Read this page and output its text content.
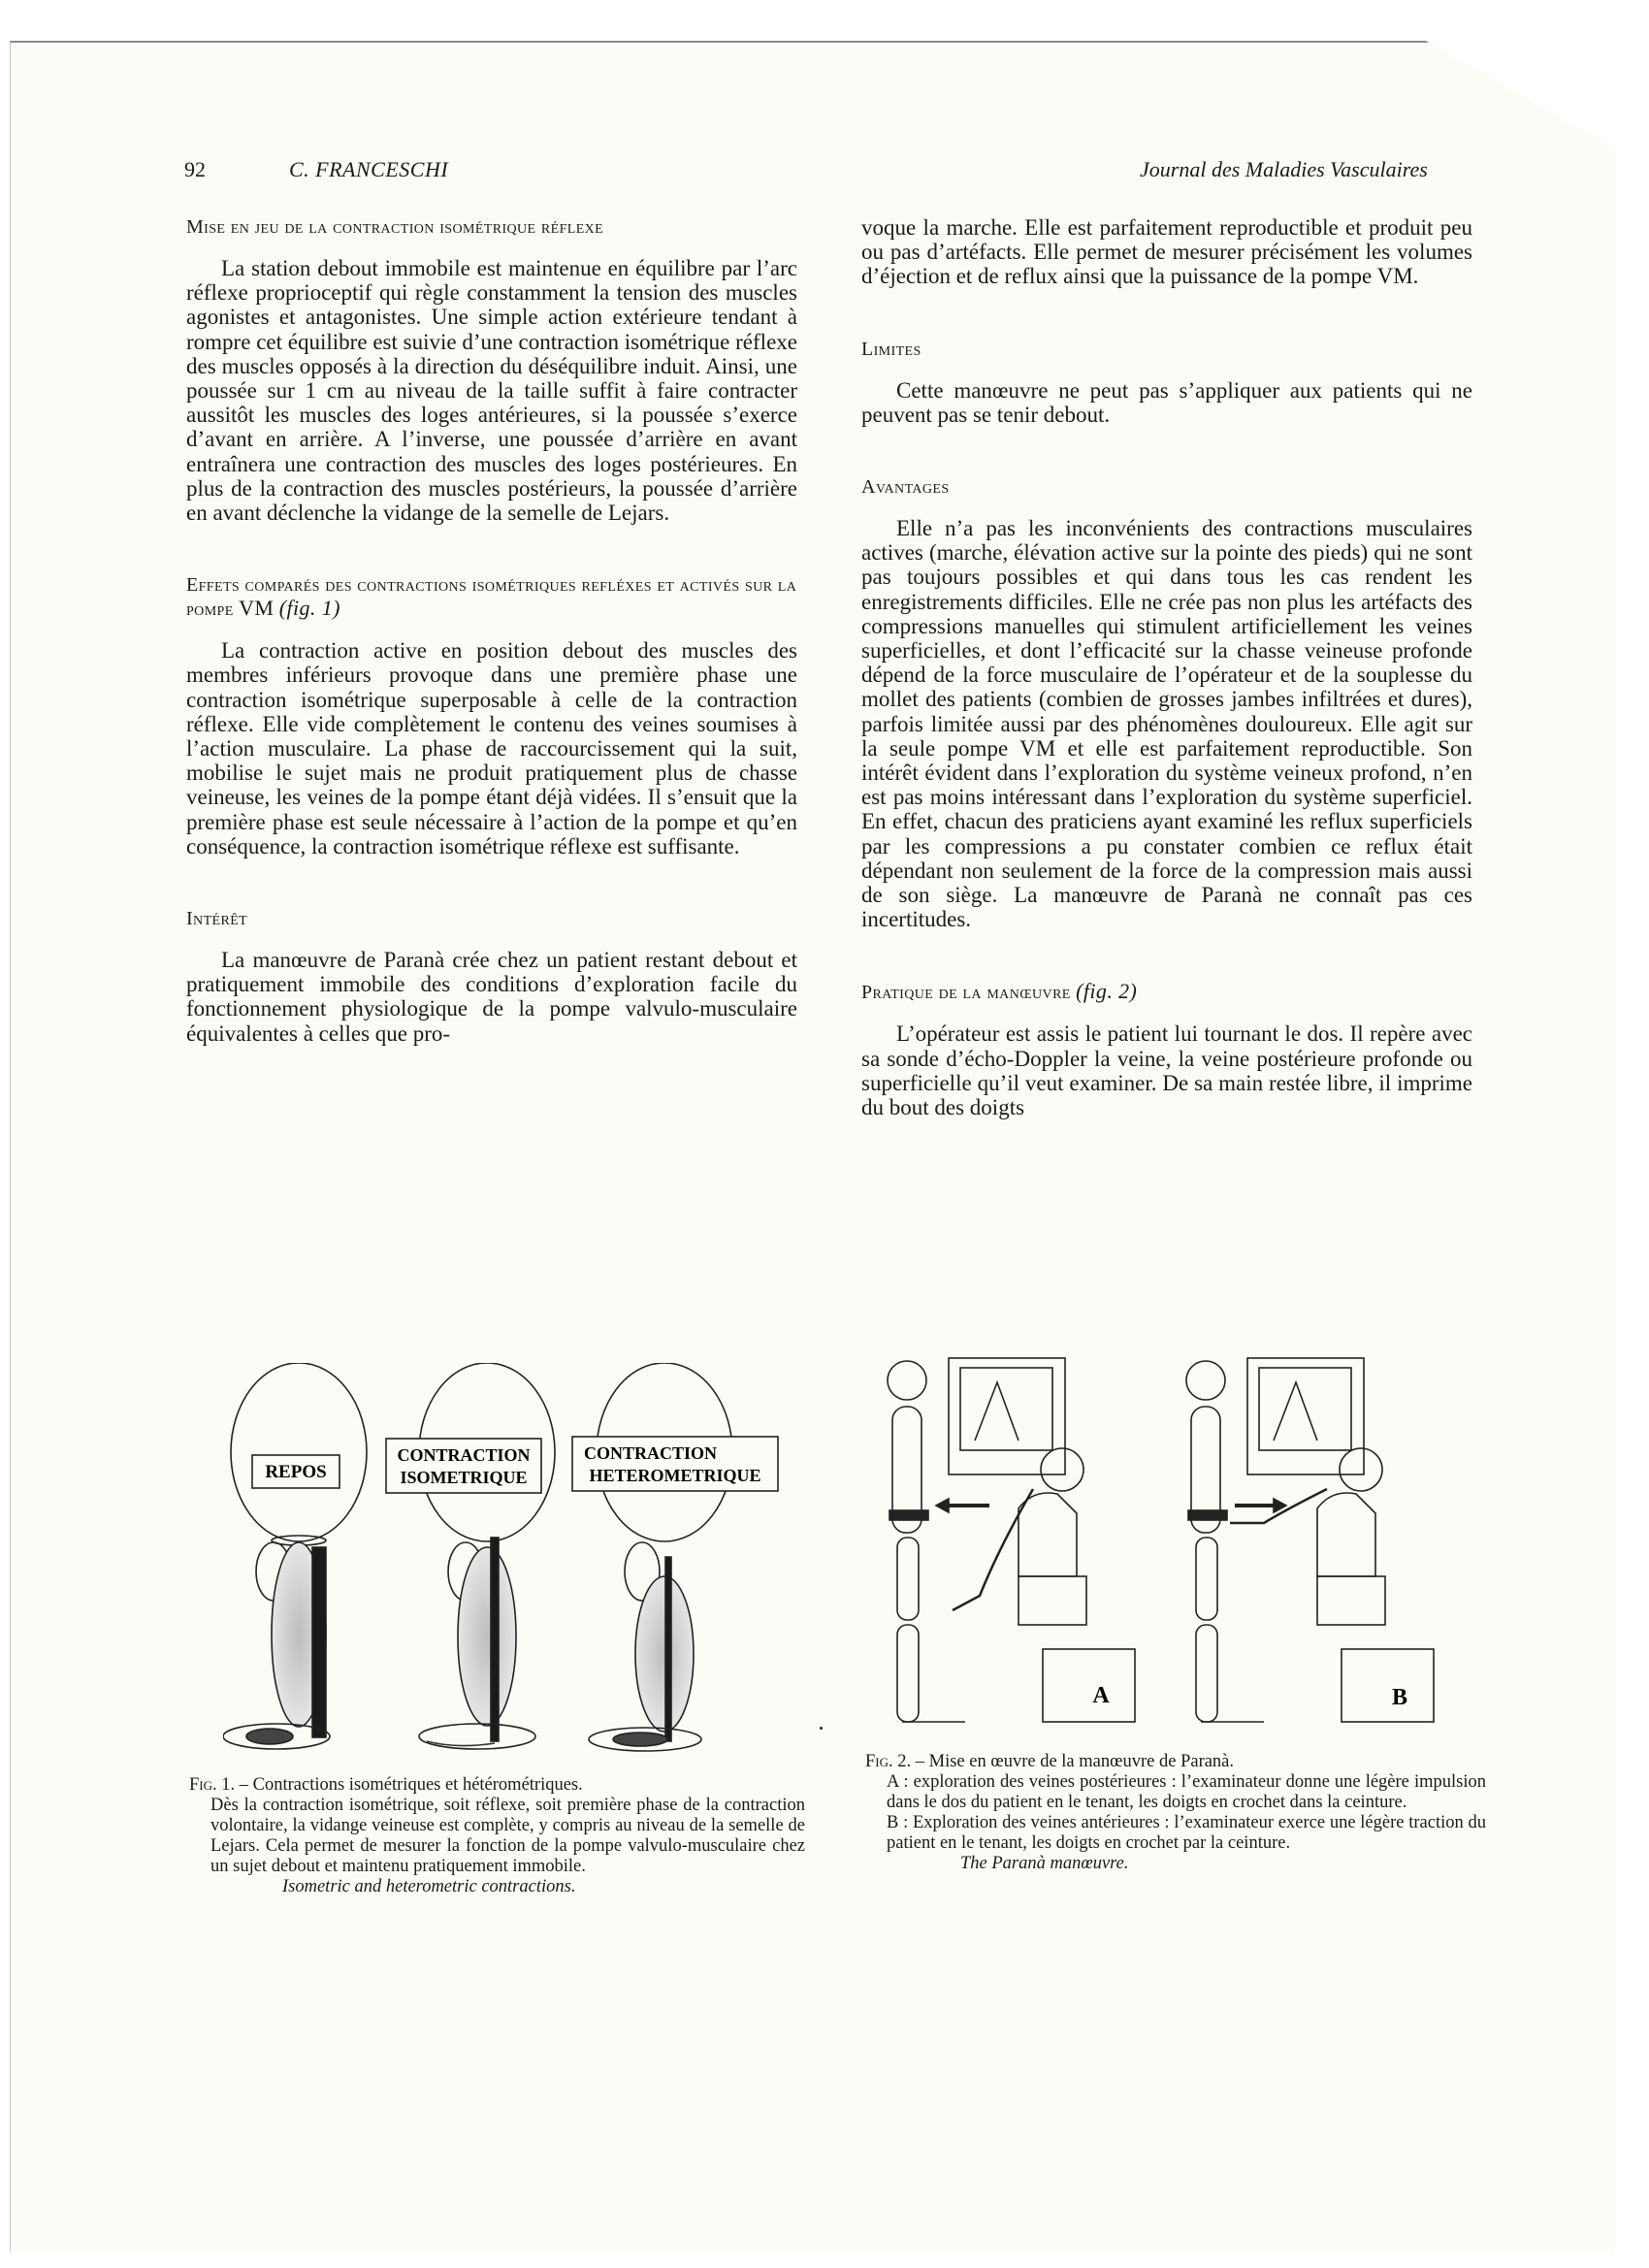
92	C. FRANCESCHI	Journal des Maladies Vasculaires
Mise en jeu de la contraction isométrique réflexe

La station debout immobile est maintenue en équilibre par l’arc réflexe proprioceptif qui règle constamment la tension des muscles agonistes et antagonistes. Une simple action extérieure tendant à rompre cet équilibre est suivie d’une contraction isométrique réflexe des muscles opposés à la direction du déséquilibre induit. Ainsi, une poussée sur 1 cm au niveau de la taille suffit à faire contracter aussitôt les muscles des loges antérieures, si la poussée s’exerce d’avant en arrière. A l’inverse, une poussée d’arrière en avant entraînera une contraction des muscles des loges postérieures. En plus de la contraction des muscles postérieurs, la poussée d’arrière en avant déclenche la vidange de la semelle de Lejars.

Effets comparés des contractions isométriques refléxes et activés sur la pompe VM (fig. 1)

La contraction active en position debout des muscles des membres inférieurs provoque dans une première phase une contraction isométrique superposable à celle de la contraction réflexe. Elle vide complètement le contenu des veines soumises à l’action musculaire. La phase de raccourcissement qui la suit, mobilise le sujet mais ne produit pratiquement plus de chasse veineuse, les veines de la pompe étant déjà vidées. Il s’ensuit que la première phase est seule nécessaire à l’action de la pompe et qu’en conséquence, la contraction isométrique réflexe est suffisante.

Intérêt

La manœuvre de Paranà crée chez un patient restant debout et pratiquement immobile des conditions d’exploration facile du fonctionnement physiologique de la pompe valvulo-musculaire équivalentes à celles que pro-

voque la marche. Elle est parfaitement reproductible et produit peu ou pas d’artéfacts. Elle permet de mesurer précisément les volumes d’éjection et de reflux ainsi que la puissance de la pompe VM.

Limites

Cette manœuvre ne peut pas s’appliquer aux patients qui ne peuvent pas se tenir debout.

Avantages

Elle n’a pas les inconvénients des contractions musculaires actives (marche, élévation active sur la pointe des pieds) qui ne sont pas toujours possibles et qui dans tous les cas rendent les enregistrements difficiles. Elle ne crée pas non plus les artéfacts des compressions manuelles qui stimulent artificiellement les veines superficielles, et dont l’efficacité sur la chasse veineuse profonde dépend de la force musculaire de l’opérateur et de la souplesse du mollet des patients (combien de grosses jambes infiltrées et dures), parfois limitée aussi par des phénomènes douloureux. Elle agit sur la seule pompe VM et elle est parfaitement reproductible. Son intérêt évident dans l’exploration du système veineux profond, n’en est pas moins intéressant dans l’exploration du système superficiel. En effet, chacun des praticiens ayant examiné les reflux superficiels par les compressions a pu constater combien ce reflux était dépendant non seulement de la force de la compression mais aussi de son siège. La manœuvre de Paranà ne connaît pas ces incertitudes.

Pratique de la manœuvre (fig. 2)

L’opérateur est assis le patient lui tournant le dos. Il repère avec sa sonde d’écho-Doppler la veine, la veine postérieure profonde ou superficielle qu’il veut examiner. De sa main restée libre, il imprime du bout des doigts

REPOS
CONTRACTION
ISOMETRIQUE
CONTRACTION
HETEROMETRIQUE
Fig. 1. – Contractions isométriques et hétérométriques.
Dès la contraction isométrique, soit réflexe, soit première phase de la contraction volontaire, la vidange veineuse est complète, y compris au niveau de la semelle de Lejars. Cela permet de mesurer la fonction de la pompe valvulo-musculaire chez un sujet debout et maintenu pratiquement immobile.
Isometric and heterometric contractions.
A	B
Fig. 2. – Mise en œuvre de la manœuvre de Paranà.
A : exploration des veines postérieures : l’examinateur donne une légère impulsion dans le dos du patient en le tenant, les doigts en crochet dans la ceinture.
B : Exploration des veines antérieures : l’examinateur exerce une légère traction du patient en le tenant, les doigts en crochet par la ceinture.
The Paranà manœuvre.
